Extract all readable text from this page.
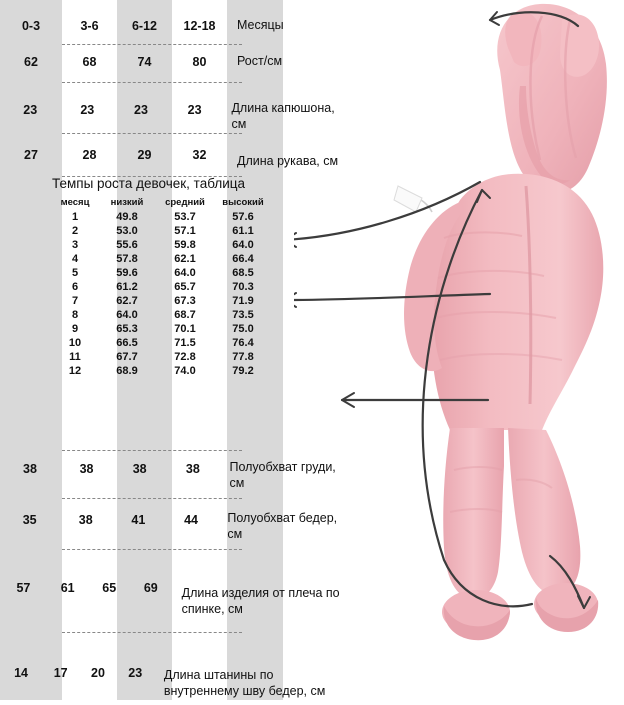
0-3	3-6	6-12	12-18	Месяцы
62	68	74	80	Рост/см
23	23	23	23	Длина капюшона, см
27	28	29	32	Длина рукава, см
38	38	38	38	Полуобхват груди, см
35	38	41	44	Полуобхват бедер, см
57	61	65	69	Длина изделия от плеча по спинке, см
14	17	20	23	Длина штанины по внутреннему шву бедер, см
Темпы роста девочек, таблица
месяц	низкий	средний	высокий
1	49.8	53.7	57.6
2	53.0	57.1	61.1
3	55.6	59.8	64.0
4	57.8	62.1	66.4
5	59.6	64.0	68.5
6	61.2	65.7	70.3
7	62.7	67.3	71.9
8	64.0	68.7	73.5
9	65.3	70.1	75.0
10	66.5	71.5	76.4
11	67.7	72.8	77.8
12	68.9	74.0	79.2
